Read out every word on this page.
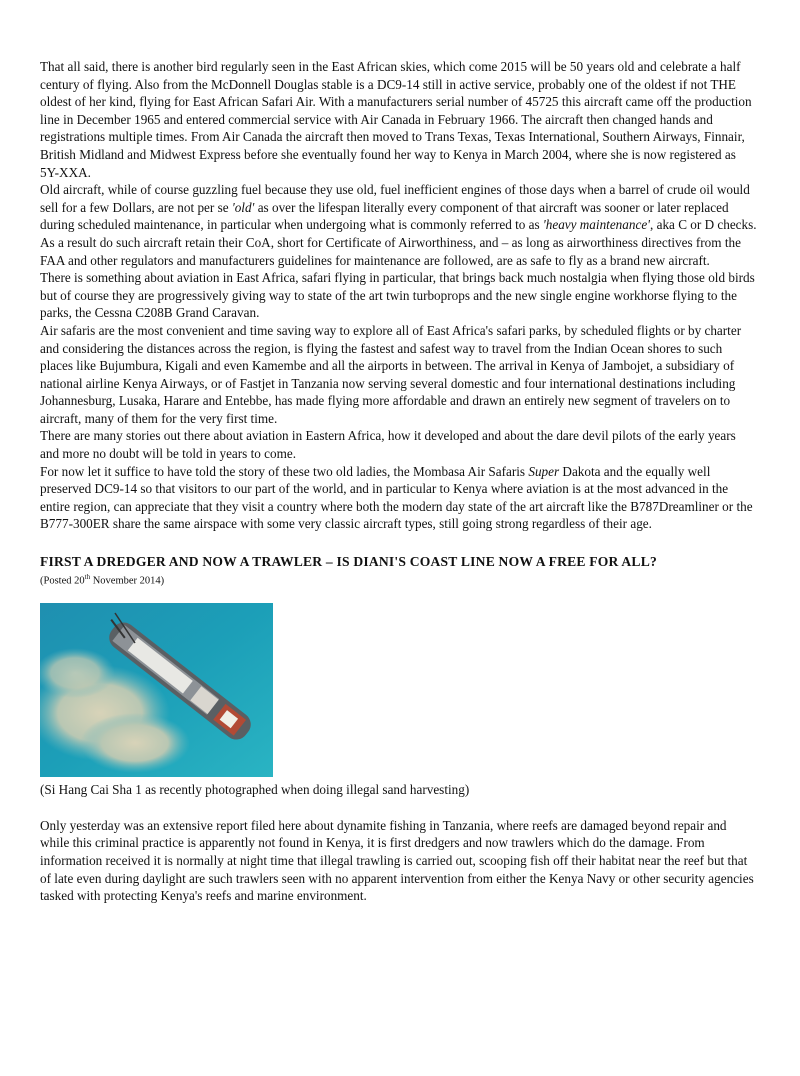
That all said, there is another bird regularly seen in the East African skies, which come 2015 will be 50 years old and celebrate a half century of flying. Also from the McDonnell Douglas stable is a DC9-14 still in active service, probably one of the oldest if not THE oldest of her kind, flying for East African Safari Air. With a manufacturers serial number of 45725 this aircraft came off the production line in December 1965 and entered commercial service with Air Canada in February 1966. The aircraft then changed hands and registrations multiple times. From Air Canada the aircraft then moved to Trans Texas, Texas International, Southern Airways, Finnair, British Midland and Midwest Express before she eventually found her way to Kenya in March 2004, where she is now registered as 5Y-XXA.

Old aircraft, while of course guzzling fuel because they use old, fuel inefficient engines of those days when a barrel of crude oil would sell for a few Dollars, are not per se 'old' as over the lifespan literally every component of that aircraft was sooner or later replaced during scheduled maintenance, in particular when undergoing what is commonly referred to as 'heavy maintenance', aka C or D checks. As a result do such aircraft retain their CoA, short for Certificate of Airworthiness, and – as long as airworthiness directives from the FAA and other regulators and manufacturers guidelines for maintenance are followed, are as safe to fly as a brand new aircraft.

There is something about aviation in East Africa, safari flying in particular, that brings back much nostalgia when flying those old birds but of course they are progressively giving way to state of the art twin turboprops and the new single engine workhorse flying to the parks, the Cessna C208B Grand Caravan.

Air safaris are the most convenient and time saving way to explore all of East Africa's safari parks, by scheduled flights or by charter and considering the distances across the region, is flying the fastest and safest way to travel from the Indian Ocean shores to such places like Bujumbura, Kigali and even Kamembe and all the airports in between. The arrival in Kenya of Jambojet, a subsidiary of national airline Kenya Airways, or of Fastjet in Tanzania now serving several domestic and four international destinations including Johannesburg, Lusaka, Harare and Entebbe, has made flying more affordable and drawn an entirely new segment of travelers on to aircraft, many of them for the very first time.

There are many stories out there about aviation in Eastern Africa, how it developed and about the dare devil pilots of the early years and more no doubt will be told in years to come.

For now let it suffice to have told the story of these two old ladies, the Mombasa Air Safaris Super Dakota and the equally well preserved DC9-14 so that visitors to our part of the world, and in particular to Kenya where aviation is at the most advanced in the entire region, can appreciate that they visit a country where both the modern day state of the art aircraft like the B787Dreamliner or the B777-300ER share the same airspace with some very classic aircraft types, still going strong regardless of their age.

FIRST A DREDGER AND NOW A TRAWLER – IS DIANI'S COAST LINE NOW A FREE FOR ALL?

(Posted 20th November 2014)

(Si Hang Cai Sha 1 as recently photographed when doing illegal sand harvesting)

Only yesterday was an extensive report filed here about dynamite fishing in Tanzania, where reefs are damaged beyond repair and while this criminal practice is apparently not found in Kenya, it is first dredgers and now trawlers which do the damage. From information received it is normally at night time that illegal trawling is carried out, scooping fish off their habitat near the reef but that of late even during daylight are such trawlers seen with no apparent intervention from either the Kenya Navy or other security agencies tasked with protecting Kenya's reefs and marine environment.
